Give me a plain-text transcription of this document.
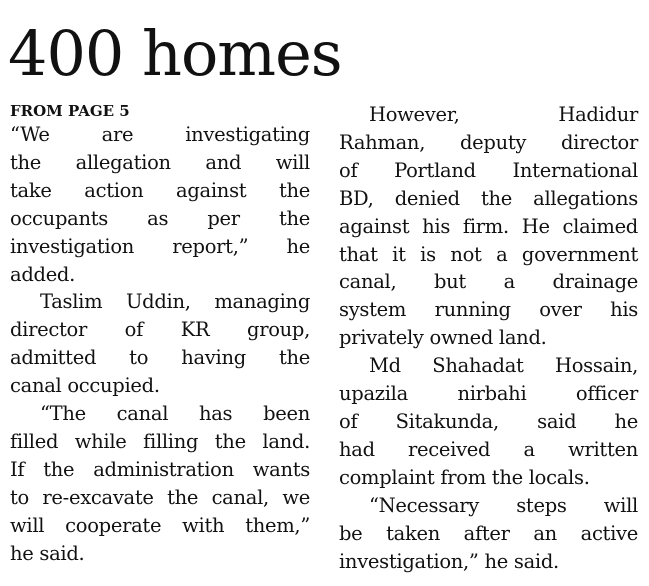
400 homes
FROM PAGE 5

“We are investigating
the allegation and will
take action against the
occupants as per the
investigation report,” he
added.

Taslim Uddin, managing
director of KR group,
admitted to having the
canal occupied.

“The canal has been
filled while filling the land.
If the administration wants
to re-excavate the canal, we
will cooperate with them,”
he said.

However, Hadidur
Rahman, deputy director
of Portland International
BD, denied the allegations
against his firm. He claimed
that it is not a government
canal, but a drainage
system running over his
privately owned land.

Md Shahadat Hossain,
upazila nirbahi officer
of Sitakunda, said he
had received a written
complaint from the locals.

“Necessary steps will
be taken after an active
investigation,” he said.
